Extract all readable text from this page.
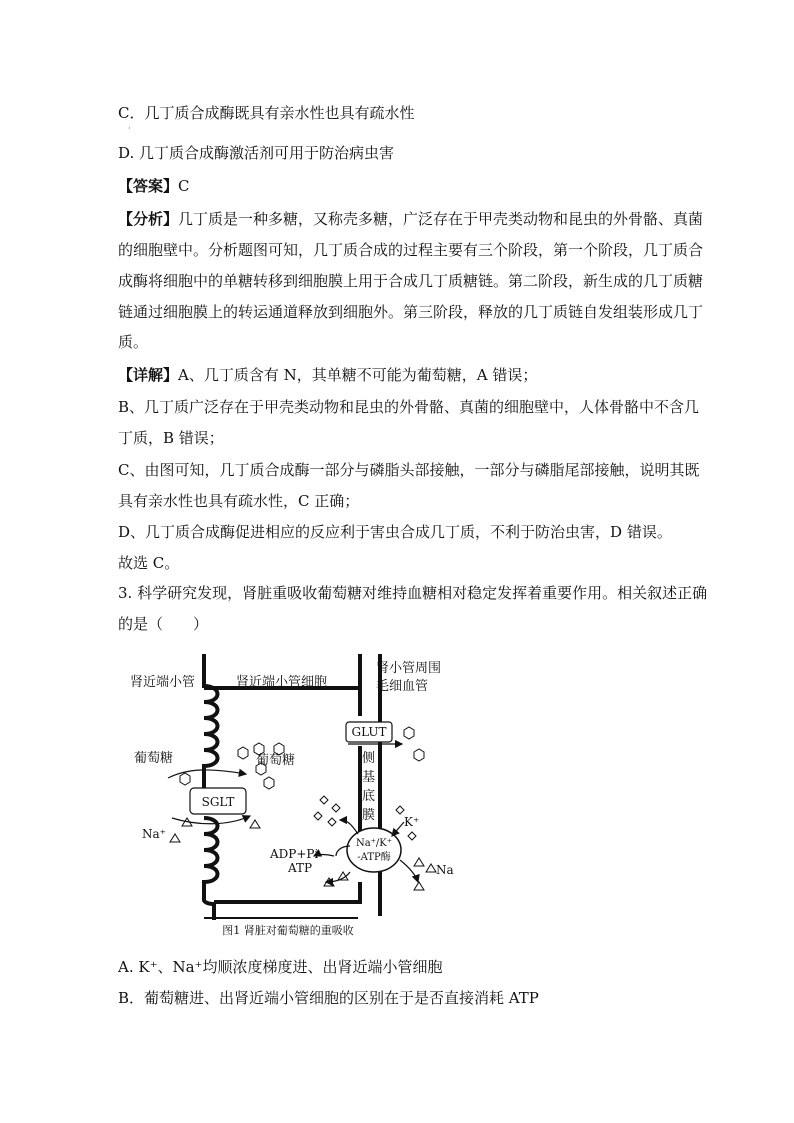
C．几丁质合成酶既具有亲水性也具有疏水性
·
D. 几丁质合成酶激活剂可用于防治病虫害
【答案】C
【分析】几丁质是一种多糖，又称壳多糖，广泛存在于甲壳类动物和昆虫的外骨骼、真菌
的细胞壁中。分析题图可知，几丁质合成的过程主要有三个阶段，第一个阶段，几丁质合
成酶将细胞中的单糖转移到细胞膜上用于合成几丁质糖链。第二阶段，新生成的几丁质糖
链通过细胞膜上的转运通道释放到细胞外。第三阶段，释放的几丁质链自发组装形成几丁
质。
【详解】A、几丁质含有 N，其单糖不可能为葡萄糖，A 错误；
B、几丁质广泛存在于甲壳类动物和昆虫的外骨骼、真菌的细胞壁中，人体骨骼中不含几
丁质，B 错误；
C、由图可知，几丁质合成酶一部分与磷脂头部接触，一部分与磷脂尾部接触，说明其既
具有亲水性也具有疏水性，C 正确；
D、几丁质合成酶促进相应的反应利于害虫合成几丁质，不利于防治虫害，D 错误。
故选 C。
3. 科学研究发现，肾脏重吸收葡萄糖对维持血糖相对稳定发挥着重要作用。相关叙述正确
的是（　　）
肾近端小管	肾近端小管细胞
肾小管周围
毛细血管
GLUT
侧
基
底
膜
葡萄糖	葡萄糖
SGLT
Na⁺
Na⁺/K⁺
-ATP酶
K⁺
ADP+Pi
ATP	Na
图1 肾脏对葡萄糖的重吸收
A. K⁺、Na⁺均顺浓度梯度进、出肾近端小管细胞
B．葡萄糖进、出肾近端小管细胞的区别在于是否直接消耗 ATP
